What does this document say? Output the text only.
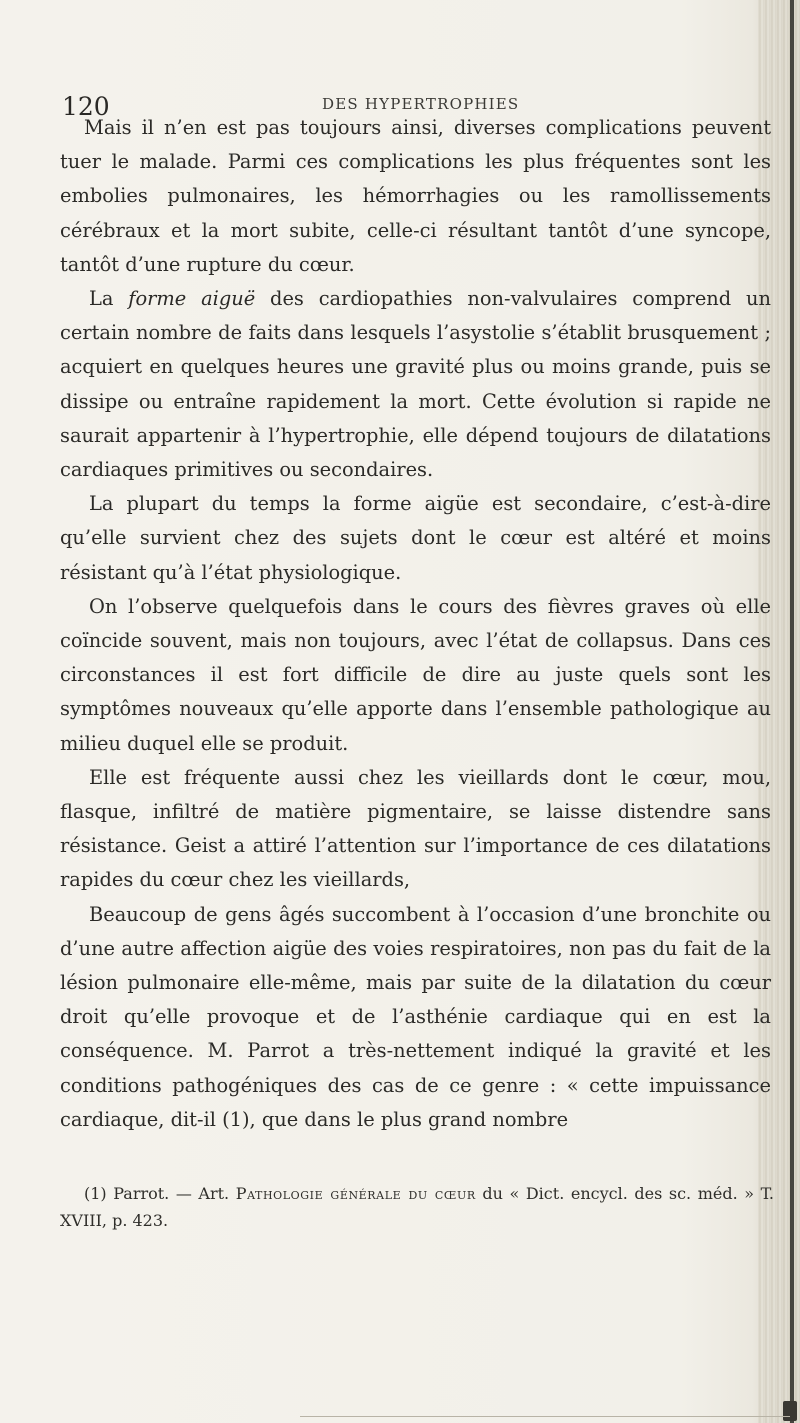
120	DES HYPERTROPHIES

Mais il n’en est pas toujours ainsi, diverses complications peuvent tuer le malade. Parmi ces complications les plus fréquentes sont les embolies pulmonaires, les hémorrhagies ou les ramollissements cérébraux et la mort subite, celle-ci résultant tantôt d’une syncope, tantôt d’une rupture du cœur.

La forme aiguë des cardiopathies non-valvulaires comprend un certain nombre de faits dans lesquels l’asystolie s’établit brusquement ; acquiert en quelques heures une gravité plus ou moins grande, puis se dissipe ou entraîne rapidement la mort. Cette évolution si rapide ne saurait appartenir à l’hypertrophie, elle dépend toujours de dilatations cardiaques primitives ou secondaires.

La plupart du temps la forme aigüe est secondaire, c’est-à-dire qu’elle survient chez des sujets dont le cœur est altéré et moins résistant qu’à l’état physiologique.

On l’observe quelquefois dans le cours des fièvres graves où elle coïncide souvent, mais non toujours, avec l’état de collapsus. Dans ces circonstances il est fort difficile de dire au juste quels sont les symptômes nouveaux qu’elle apporte dans l’ensemble pathologique au milieu duquel elle se produit.

Elle est fréquente aussi chez les vieillards dont le cœur, mou, flasque, infiltré de matière pigmentaire, se laisse distendre sans résistance. Geist a attiré l’attention sur l’importance de ces dilatations rapides du cœur chez les vieillards,

Beaucoup de gens âgés succombent à l’occasion d’une bronchite ou d’une autre affection aigüe des voies respiratoires, non pas du fait de la lésion pulmonaire elle-même, mais par suite de la dilatation du cœur droit qu’elle provoque et de l’asthénie cardiaque qui en est la conséquence. M. Parrot a très-nettement indiqué la gravité et les conditions pathogéniques des cas de ce genre : « cette impuissance cardiaque, dit-il (1), que dans le plus grand nombre

(1) Parrot. — Art. Pathologie générale du cœur du « Dict. encycl. des sc. méd. » T. XVIII, p. 423.
